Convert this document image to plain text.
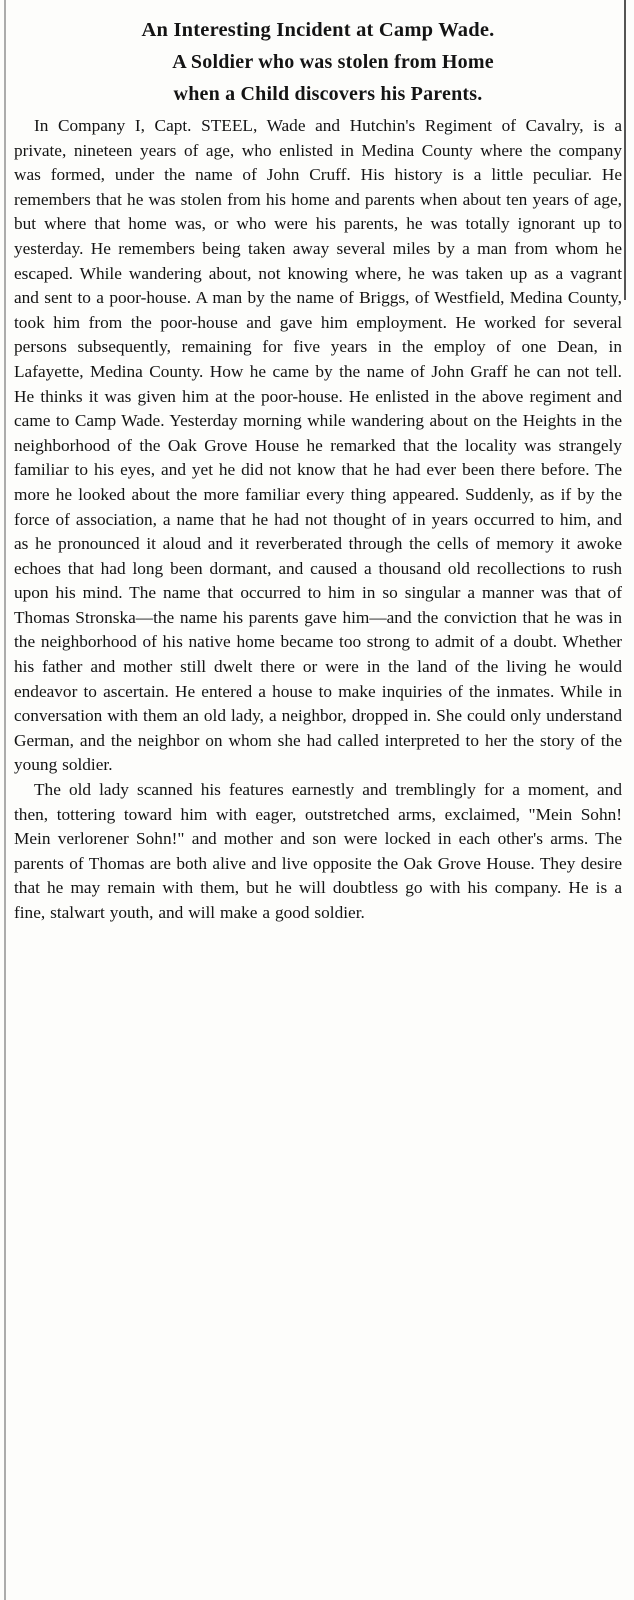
An Interesting Incident at Camp Wade.
A Soldier who was stolen from Home
when a Child discovers his Parents.

In Company I, Capt. STEEL, Wade and Hutchin's Regiment of Cavalry, is a private, nineteen years of age, who enlisted in Medina County where the company was formed, under the name of John Cruff. His history is a little peculiar. He remembers that he was stolen from his home and parents when about ten years of age, but where that home was, or who were his parents, he was totally ignorant up to yesterday. He remembers being taken away several miles by a man from whom he escaped. While wandering about, not knowing where, he was taken up as a vagrant and sent to a poor-house. A man by the name of Briggs, of Westfield, Medina County, took him from the poor-house and gave him employment. He worked for several persons subsequently, remaining for five years in the employ of one Dean, in Lafayette, Medina County. How he came by the name of John Graff he can not tell. He thinks it was given him at the poor-house. He enlisted in the above regiment and came to Camp Wade. Yesterday morning while wandering about on the Heights in the neighborhood of the Oak Grove House he remarked that the locality was strangely familiar to his eyes, and yet he did not know that he had ever been there before. The more he looked about the more familiar every thing appeared. Suddenly, as if by the force of association, a name that he had not thought of in years occurred to him, and as he pronounced it aloud and it reverberated through the cells of memory it awoke echoes that had long been dormant, and caused a thousand old recollections to rush upon his mind. The name that occurred to him in so singular a manner was that of Thomas Stronska—the name his parents gave him—and the conviction that he was in the neighborhood of his native home became too strong to admit of a doubt. Whether his father and mother still dwelt there or were in the land of the living he would endeavor to ascertain. He entered a house to make inquiries of the inmates. While in conversation with them an old lady, a neighbor, dropped in. She could only understand German, and the neighbor on whom she had called interpreted to her the story of the young soldier.

The old lady scanned his features earnestly and tremblingly for a moment, and then, tottering toward him with eager, outstretched arms, exclaimed, "Mein Sohn! Mein verlorener Sohn!" and mother and son were locked in each other's arms. The parents of Thomas are both alive and live opposite the Oak Grove House. They desire that he may remain with them, but he will doubtless go with his company. He is a fine, stalwart youth, and will make a good soldier.
